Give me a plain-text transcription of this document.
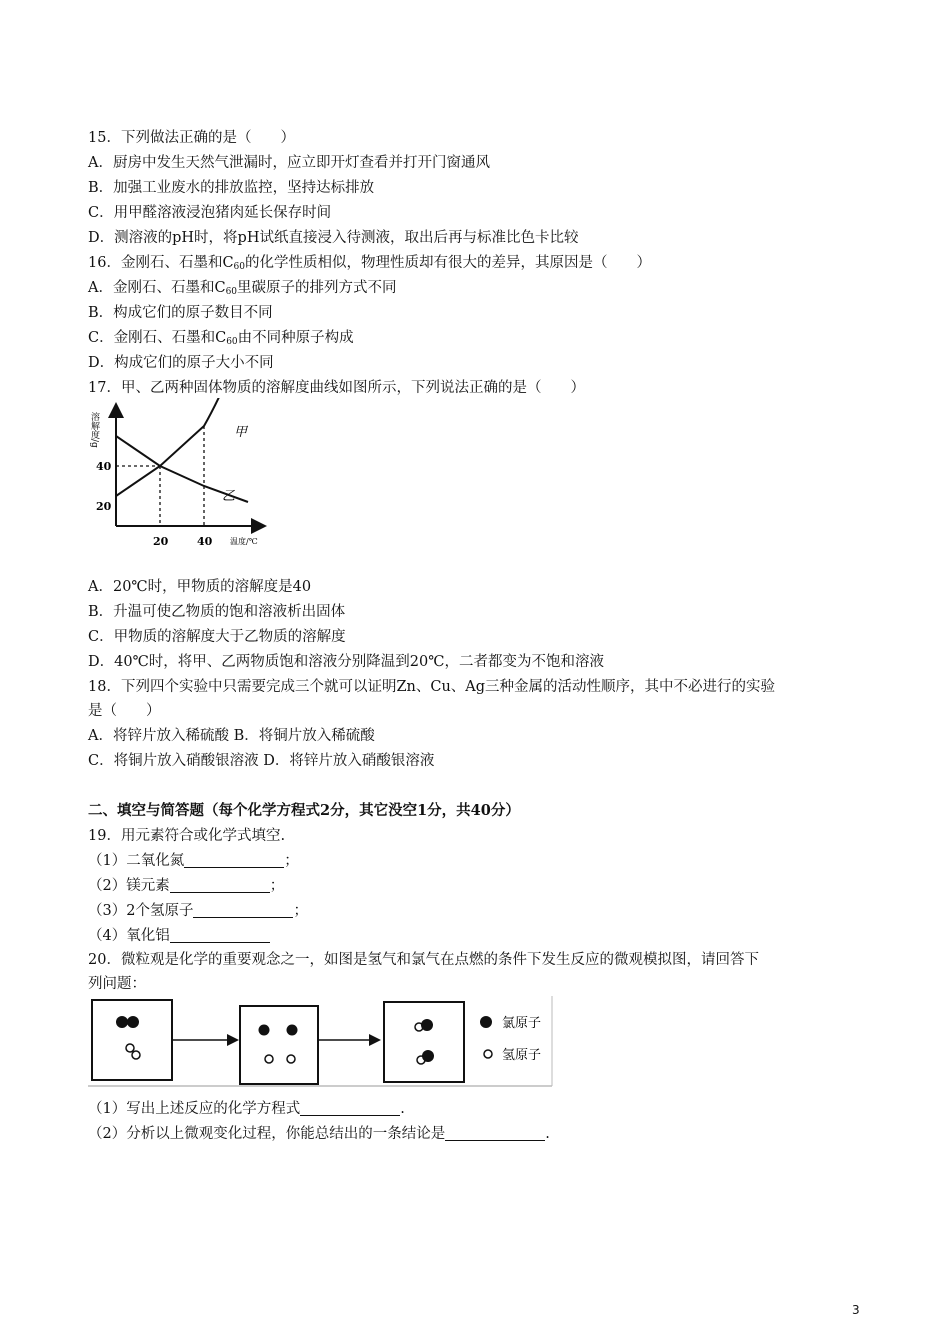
15．下列做法正确的是（　　）
A．厨房中发生天然气泄漏时，应立即开灯查看并打开门窗通风
B．加强工业废水的排放监控，坚持达标排放
C．用甲醛溶液浸泡猪肉延长保存时间
D．测溶液的pH时，将pH试纸直接浸入待测液，取出后再与标准比色卡比较
16．金刚石、石墨和$C_{60}$的化学性质相似，物理性质却有很大的差异，其原因是（　　）
A．金刚石、石墨和$C_{60}$里碳原子的排列方式不同
B．构成它们的原子数目不同
C．金刚石、石墨和$C_{60}$由不同种原子构成
D．构成它们的原子大小不同
17．甲、乙两种固体物质的溶解度曲线如图所示，下列说法正确的是（　　）
溶解度/g
40
20
20	40 温度/℃
甲
乙
A．20℃时，甲物质的溶解度是40
B．升温可使乙物质的饱和溶液析出固体
C．甲物质的溶解度大于乙物质的溶解度
D．40℃时，将甲、乙两物质饱和溶液分别降温到20℃，二者都变为不饱和溶液
18．下列四个实验中只需要完成三个就可以证明Zn、Cu、Ag三种金属的活动性顺序，其中不必进行的实验
是（　　）
A．将锌片放入稀硫酸 B．将铜片放入稀硫酸
C．将铜片放入硝酸银溶液 D．将锌片放入硝酸银溶液
二、填空与简答题（每个化学方程式2分，其它没空1分，共40分）
19．用元素符合或化学式填空.
（1）二氧化氮	；
（2）镁元素	；
（3）2个氢原子	；
（4）氧化铝
20．微粒观是化学的重要观念之一，如图是氢气和氯气在点燃的条件下发生反应的微观模拟图，请回答下
列问题：
氯原子
氢原子
（1）写出上述反应的化学方程式	.
（2）分析以上微观变化过程，你能总结出的一条结论是	.
3
